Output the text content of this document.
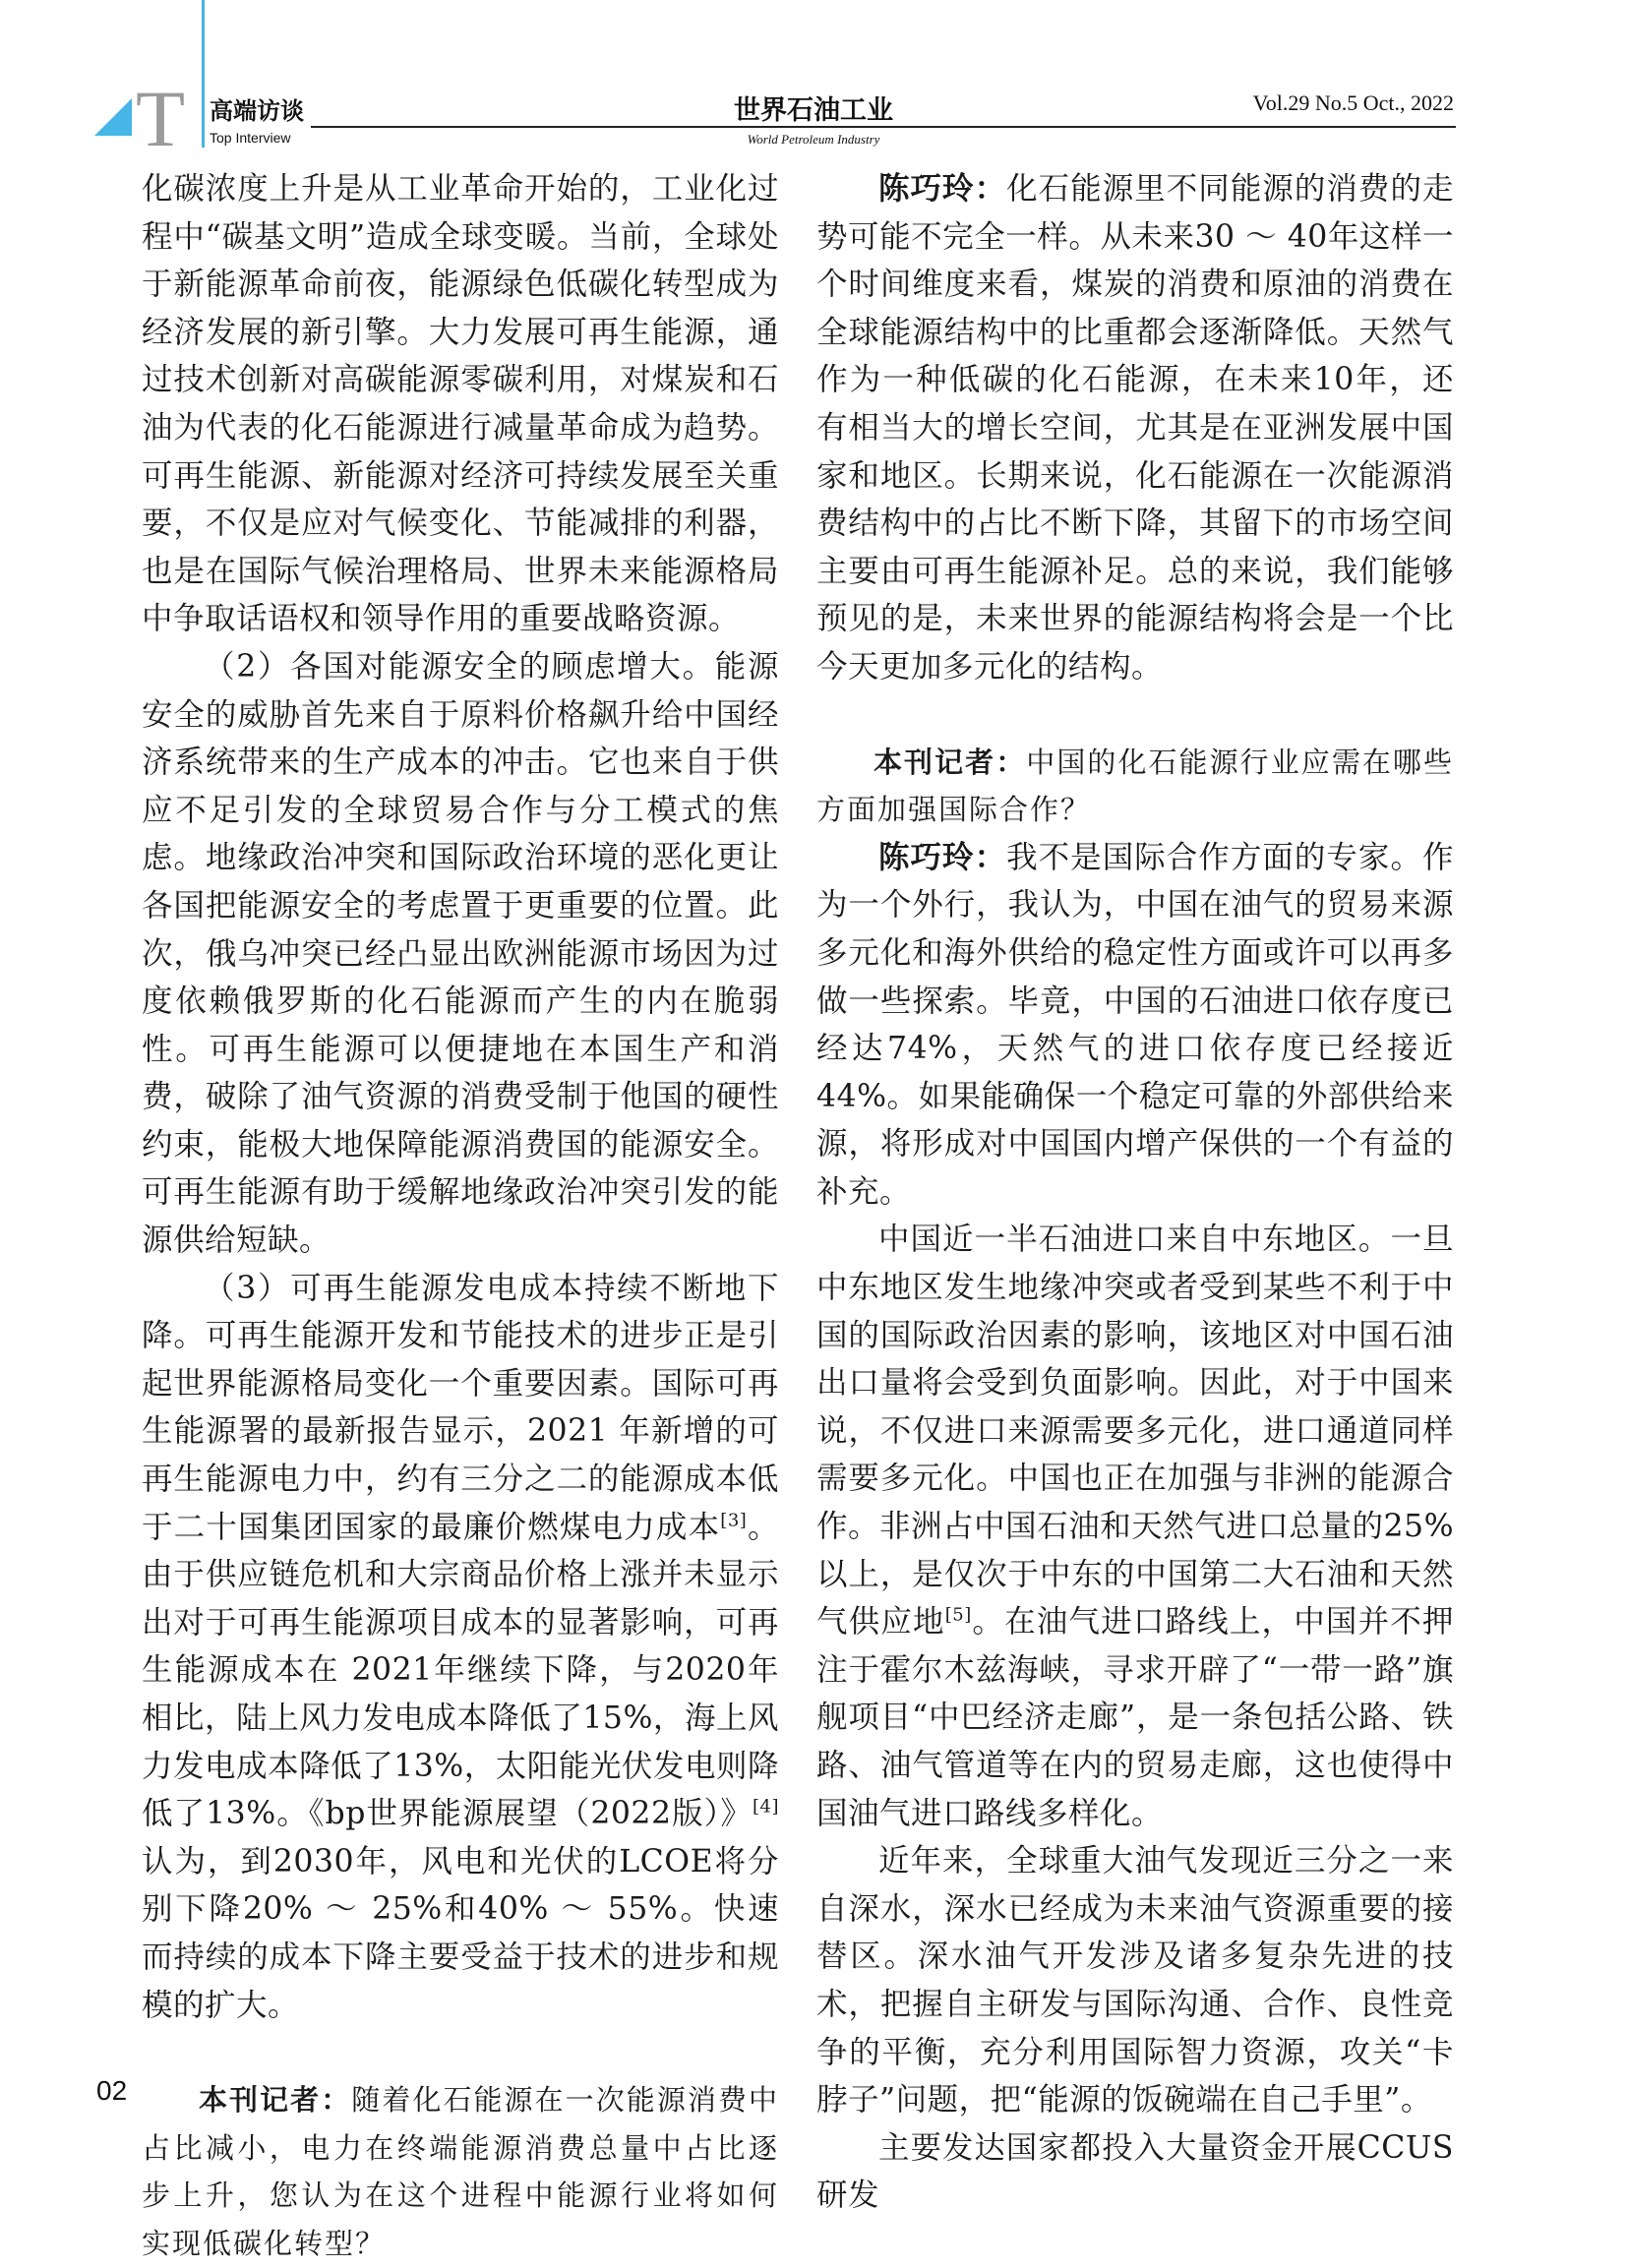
T 高端访谈
Top Interview
世界石油工业
World Petroleum Industry
Vol.29 No.5 Oct., 2022

化碳浓度上升是从工业革命开始的，工业化过程中“碳基文明”造成全球变暖。当前，全球处于新能源革命前夜，能源绿色低碳化转型成为经济发展的新引擎。大力发展可再生能源，通过技术创新对高碳能源零碳利用，对煤炭和石油为代表的化石能源进行减量革命成为趋势。可再生能源、新能源对经济可持续发展至关重要，不仅是应对气候变化、节能减排的利器，也是在国际气候治理格局、世界未来能源格局中争取话语权和领导作用的重要战略资源。

（2）各国对能源安全的顾虑增大。能源安全的威胁首先来自于原料价格飙升给中国经济系统带来的生产成本的冲击。它也来自于供应不足引发的全球贸易合作与分工模式的焦虑。地缘政治冲突和国际政治环境的恶化更让各国把能源安全的考虑置于更重要的位置。此次，俄乌冲突已经凸显出欧洲能源市场因为过度依赖俄罗斯的化石能源而产生的内在脆弱性。可再生能源可以便捷地在本国生产和消费，破除了油气资源的消费受制于他国的硬性约束，能极大地保障能源消费国的能源安全。可再生能源有助于缓解地缘政治冲突引发的能源供给短缺。

（3）可再生能源发电成本持续不断地下降。可再生能源开发和节能技术的进步正是引起世界能源格局变化一个重要因素。国际可再生能源署的最新报告显示，2021 年新增的可再生能源电力中，约有三分之二的能源成本低于二十国集团国家的最廉价燃煤电力成本[3]。由于供应链危机和大宗商品价格上涨并未显示出对于可再生能源项目成本的显著影响，可再生能源成本在 2021年继续下降，与2020年相比，陆上风力发电成本降低了15%，海上风力发电成本降低了13%，太阳能光伏发电则降低了13%。《bp世界能源展望（2022版）》[4]认为，到2030年，风电和光伏的LCOE将分别下降20% ～ 25%和40% ～ 55%。快速而持续的成本下降主要受益于技术的进步和规模的扩大。

本刊记者：随着化石能源在一次能源消费中占比减小，电力在终端能源消费总量中占比逐步上升，您认为在这个进程中能源行业将如何实现低碳化转型？

陈巧玲：化石能源里不同能源的消费的走势可能不完全一样。从未来30 ～ 40年这样一个时间维度来看，煤炭的消费和原油的消费在全球能源结构中的比重都会逐渐降低。天然气作为一种低碳的化石能源，在未来10年，还有相当大的增长空间，尤其是在亚洲发展中国家和地区。长期来说，化石能源在一次能源消费结构中的占比不断下降，其留下的市场空间主要由可再生能源补足。总的来说，我们能够预见的是，未来世界的能源结构将会是一个比今天更加多元化的结构。

本刊记者：中国的化石能源行业应需在哪些方面加强国际合作？

陈巧玲：我不是国际合作方面的专家。作为一个外行，我认为，中国在油气的贸易来源多元化和海外供给的稳定性方面或许可以再多做一些探索。毕竟，中国的石油进口依存度已经达74%，天然气的进口依存度已经接近44%。如果能确保一个稳定可靠的外部供给来源，将形成对中国国内增产保供的一个有益的补充。

中国近一半石油进口来自中东地区。一旦中东地区发生地缘冲突或者受到某些不利于中国的国际政治因素的影响，该地区对中国石油出口量将会受到负面影响。因此，对于中国来说，不仅进口来源需要多元化，进口通道同样需要多元化。中国也正在加强与非洲的能源合作。非洲占中国石油和天然气进口总量的25%以上，是仅次于中东的中国第二大石油和天然气供应地[5]。在油气进口路线上，中国并不押注于霍尔木兹海峡，寻求开辟了“一带一路”旗舰项目“中巴经济走廊”，是一条包括公路、铁路、油气管道等在内的贸易走廊，这也使得中国油气进口路线多样化。

近年来，全球重大油气发现近三分之一来自深水，深水已经成为未来油气资源重要的接替区。深水油气开发涉及诸多复杂先进的技术，把握自主研发与国际沟通、合作、良性竞争的平衡，充分利用国际智力资源，攻关“卡脖子”问题，把“能源的饭碗端在自己手里”。

主要发达国家都投入大量资金开展CCUS 研发

02
